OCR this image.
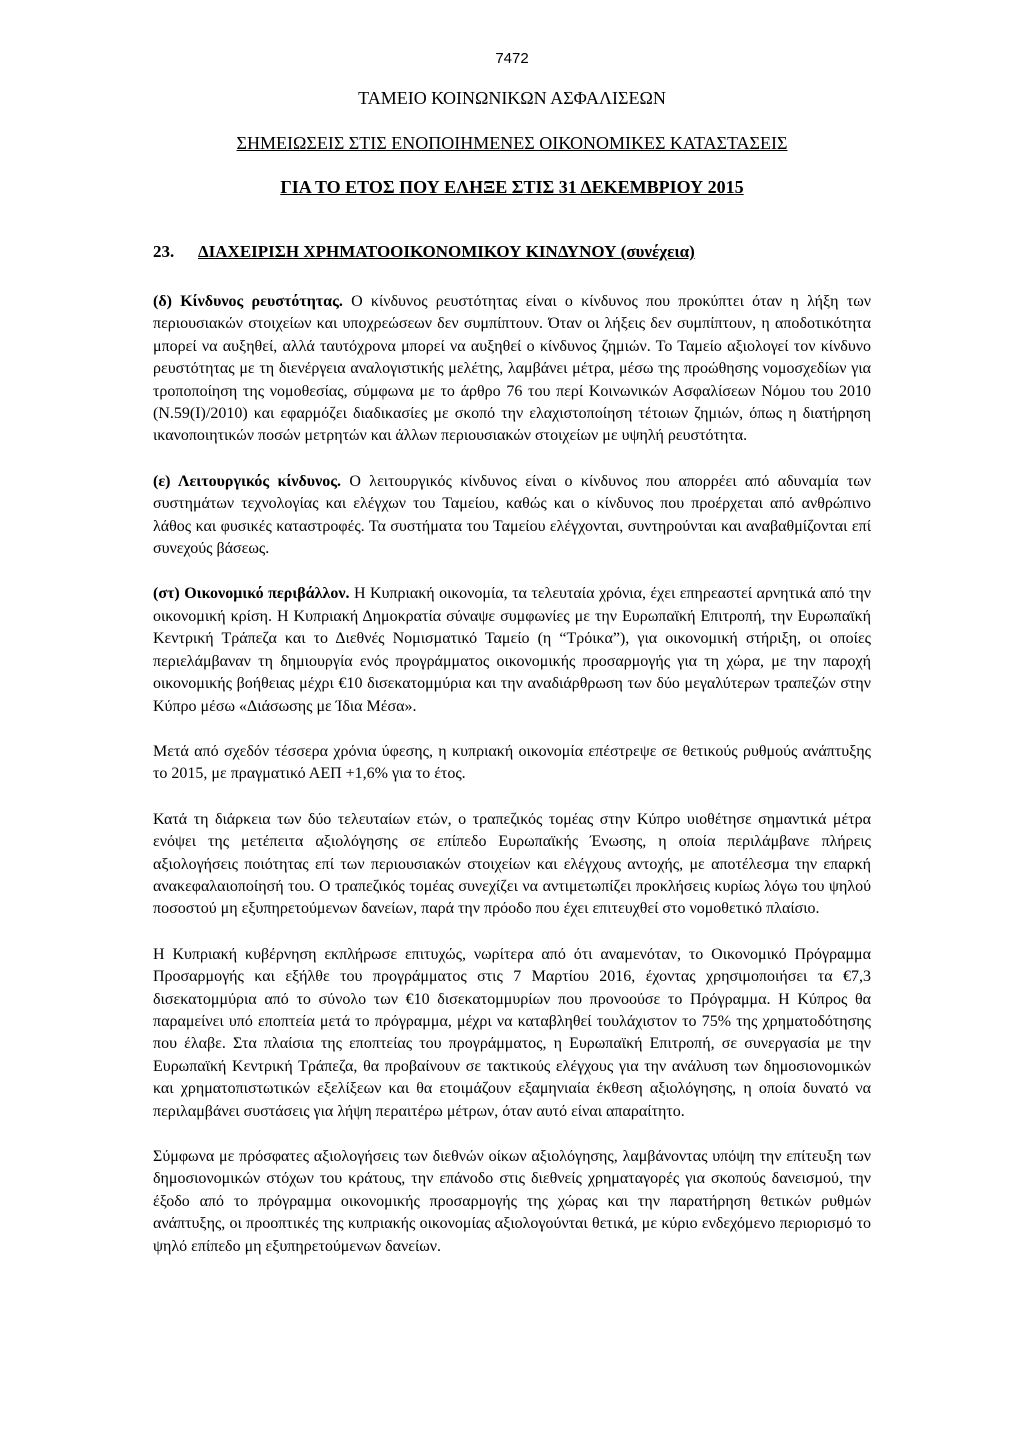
7472
ΤΑΜΕΙΟ ΚΟΙΝΩΝΙΚΩΝ ΑΣΦΑΛΙΣΕΩΝ
ΣΗΜΕΙΩΣΕΙΣ ΣΤΙΣ ΕΝΟΠΟΙΗΜΕΝΕΣ ΟΙΚΟΝΟΜΙΚΕΣ ΚΑΤΑΣΤΑΣΕΙΣ
ΓΙΑ ΤΟ ΕΤΟΣ ΠΟΥ ΕΛΗΞΕ ΣΤΙΣ 31 ΔΕΚΕΜΒΡΙΟΥ 2015
23. ΔΙΑΧΕΙΡΙΣΗ ΧΡΗΜΑΤΟΟΙΚΟΝΟΜΙΚΟΥ ΚΙΝΔΥΝΟΥ (συνέχεια)

(δ) Κίνδυνος ρευστότητας. Ο κίνδυνος ρευστότητας είναι ο κίνδυνος που προκύπτει όταν η λήξη των περιουσιακών στοιχείων και υποχρεώσεων δεν συμπίπτουν. Όταν οι λήξεις δεν συμπίπτουν, η αποδοτικότητα μπορεί να αυξηθεί, αλλά ταυτόχρονα μπορεί να αυξηθεί ο κίνδυνος ζημιών. Το Ταμείο αξιολογεί τον κίνδυνο ρευστότητας με τη διενέργεια αναλογιστικής μελέτης, λαμβάνει μέτρα, μέσω της προώθησης νομοσχεδίων για τροποποίηση της νομοθεσίας, σύμφωνα με το άρθρο 76 του περί Κοινωνικών Ασφαλίσεων Νόμου του 2010 (Ν.59(Ι)/2010) και εφαρμόζει διαδικασίες με σκοπό την ελαχιστοποίηση τέτοιων ζημιών, όπως η διατήρηση ικανοποιητικών ποσών μετρητών και άλλων περιουσιακών στοιχείων με υψηλή ρευστότητα.

(ε) Λειτουργικός κίνδυνος. Ο λειτουργικός κίνδυνος είναι ο κίνδυνος που απορρέει από αδυναμία των συστημάτων τεχνολογίας και ελέγχων του Ταμείου, καθώς και ο κίνδυνος που προέρχεται από ανθρώπινο λάθος και φυσικές καταστροφές. Τα συστήματα του Ταμείου ελέγχονται, συντηρούνται και αναβαθμίζονται επί συνεχούς βάσεως.

(στ) Οικονομικό περιβάλλον. Η Κυπριακή οικονομία, τα τελευταία χρόνια, έχει επηρεαστεί αρνητικά από την οικονομική κρίση. Η Κυπριακή Δημοκρατία σύναψε συμφωνίες με την Ευρωπαϊκή Επιτροπή, την Ευρωπαϊκή Κεντρική Τράπεζα και το Διεθνές Νομισματικό Ταμείο (η “Τρόικα”), για οικονομική στήριξη, οι οποίες περιελάμβαναν τη δημιουργία ενός προγράμματος οικονομικής προσαρμογής για τη χώρα, με την παροχή οικονομικής βοήθειας μέχρι €10 δισεκατομμύρια και την αναδιάρθρωση των δύο μεγαλύτερων τραπεζών στην Κύπρο μέσω «Διάσωσης με Ίδια Μέσα».

Μετά από σχεδόν τέσσερα χρόνια ύφεσης, η κυπριακή οικονομία επέστρεψε σε θετικούς ρυθμούς ανάπτυξης το 2015, με πραγματικό ΑΕΠ +1,6% για το έτος.

Κατά τη διάρκεια των δύο τελευταίων ετών, ο τραπεζικός τομέας στην Κύπρο υιοθέτησε σημαντικά μέτρα ενόψει της μετέπειτα αξιολόγησης σε επίπεδο Ευρωπαϊκής Ένωσης, η οποία περιλάμβανε πλήρεις αξιολογήσεις ποιότητας επί των περιουσιακών στοιχείων και ελέγχους αντοχής, με αποτέλεσμα την επαρκή ανακεφαλαιοποίησή του. Ο τραπεζικός τομέας συνεχίζει να αντιμετωπίζει προκλήσεις κυρίως λόγω του ψηλού ποσοστού μη εξυπηρετούμενων δανείων, παρά την πρόοδο που έχει επιτευχθεί στο νομοθετικό πλαίσιο.

Η Κυπριακή κυβέρνηση εκπλήρωσε επιτυχώς, νωρίτερα από ότι αναμενόταν, το Οικονομικό Πρόγραμμα Προσαρμογής και εξήλθε του προγράμματος στις 7 Μαρτίου 2016, έχοντας χρησιμοποιήσει τα €7,3 δισεκατομμύρια από το σύνολο των €10 δισεκατομμυρίων που προνοούσε το Πρόγραμμα. Η Κύπρος θα παραμείνει υπό εποπτεία μετά το πρόγραμμα, μέχρι να καταβληθεί τουλάχιστον το 75% της χρηματοδότησης που έλαβε. Στα πλαίσια της εποπτείας του προγράμματος, η Ευρωπαϊκή Επιτροπή, σε συνεργασία με την Ευρωπαϊκή Κεντρική Τράπεζα, θα προβαίνουν σε τακτικούς ελέγχους για την ανάλυση των δημοσιονομικών και χρηματοπιστωτικών εξελίξεων και θα ετοιμάζουν εξαμηνιαία έκθεση αξιολόγησης, η οποία δυνατό να περιλαμβάνει συστάσεις για λήψη περαιτέρω μέτρων, όταν αυτό είναι απαραίτητο.

Σύμφωνα με πρόσφατες αξιολογήσεις των διεθνών οίκων αξιολόγησης, λαμβάνοντας υπόψη την επίτευξη των δημοσιονομικών στόχων του κράτους, την επάνοδο στις διεθνείς χρηματαγορές για σκοπούς δανεισμού, την έξοδο από το πρόγραμμα οικονομικής προσαρμογής της χώρας και την παρατήρηση θετικών ρυθμών ανάπτυξης, οι προοπτικές της κυπριακής οικονομίας αξιολογούνται θετικά, με κύριο ενδεχόμενο περιορισμό το ψηλό επίπεδο μη εξυπηρετούμενων δανείων.
